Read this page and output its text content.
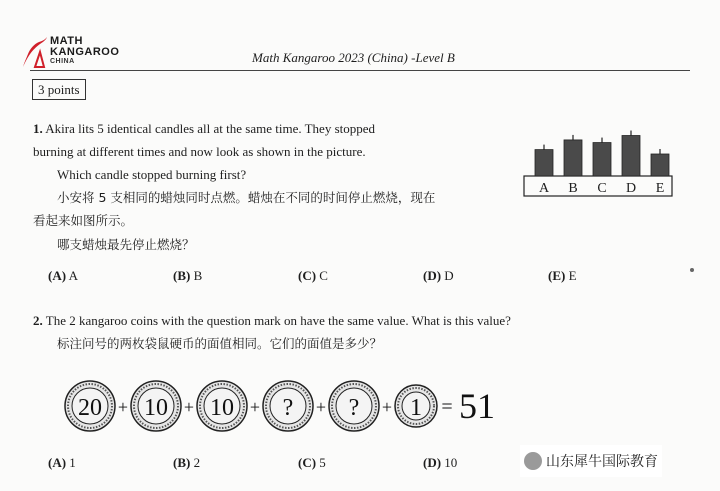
MATH
KANGAROO
CHINA	Math Kangaroo 2023 (China) -Level B
3 points
1. Akira lits 5 identical candles all at the same time. They stopped
burning at different times and now look as shown in the picture.
Which candle stopped burning first?
小安将 5 支相同的蜡烛同时点燃。蜡烛在不同的时间停止燃烧，现在
看起来如图所示。
哪支蜡烛最先停止燃烧？
A B C D E
(A) A	(B) B	(C) C	(D) D	(E) E
2. The 2 kangaroo coins with the question mark on have the same value. What is this value?
标注问号的两枚袋鼠硬币的面值相同。它们的面值是多少？
20 + 10 + 10 + ? + ? + 1 = 51
(A) 1	(B) 2	(C) 5	(D) 10	山东犀牛国际教育
